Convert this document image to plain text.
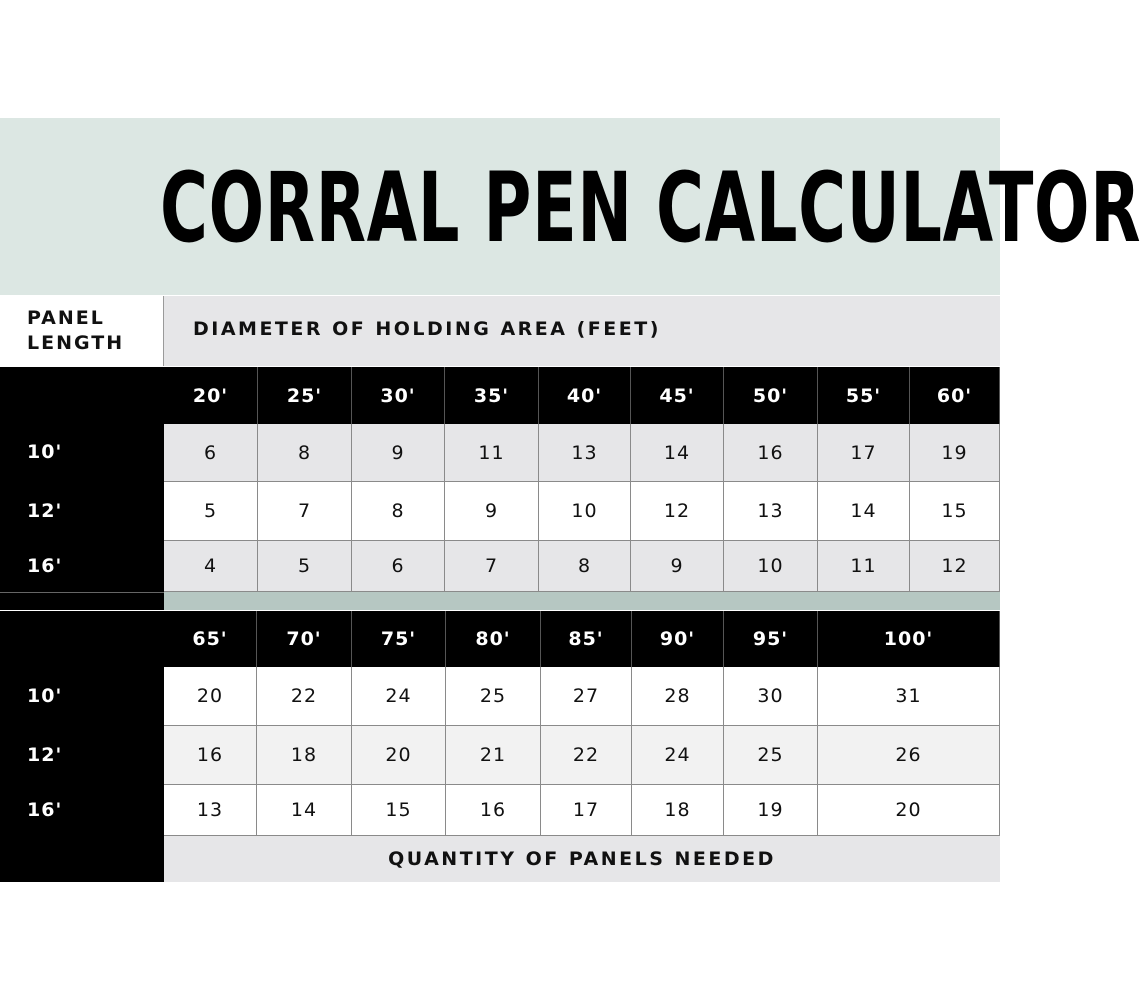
CORRAL PEN CALCULATOR
PANEL
LENGTH
DIAMETER OF HOLDING AREA (FEET)
20'	25'	30'	35'	40'	45'	50'	55'	60'
10'	6	8	9	11	13	14	16	17	19
12'	5	7	8	9	10	12	13	14	15
16'	4	5	6	7	8	9	10	11	12
65'	70'	75'	80'	85'	90'	95'	100'
10'	20	22	24	25	27	28	30	31
12'	16	18	20	21	22	24	25	26
16'	13	14	15	16	17	18	19	20
QUANTITY OF PANELS NEEDED
